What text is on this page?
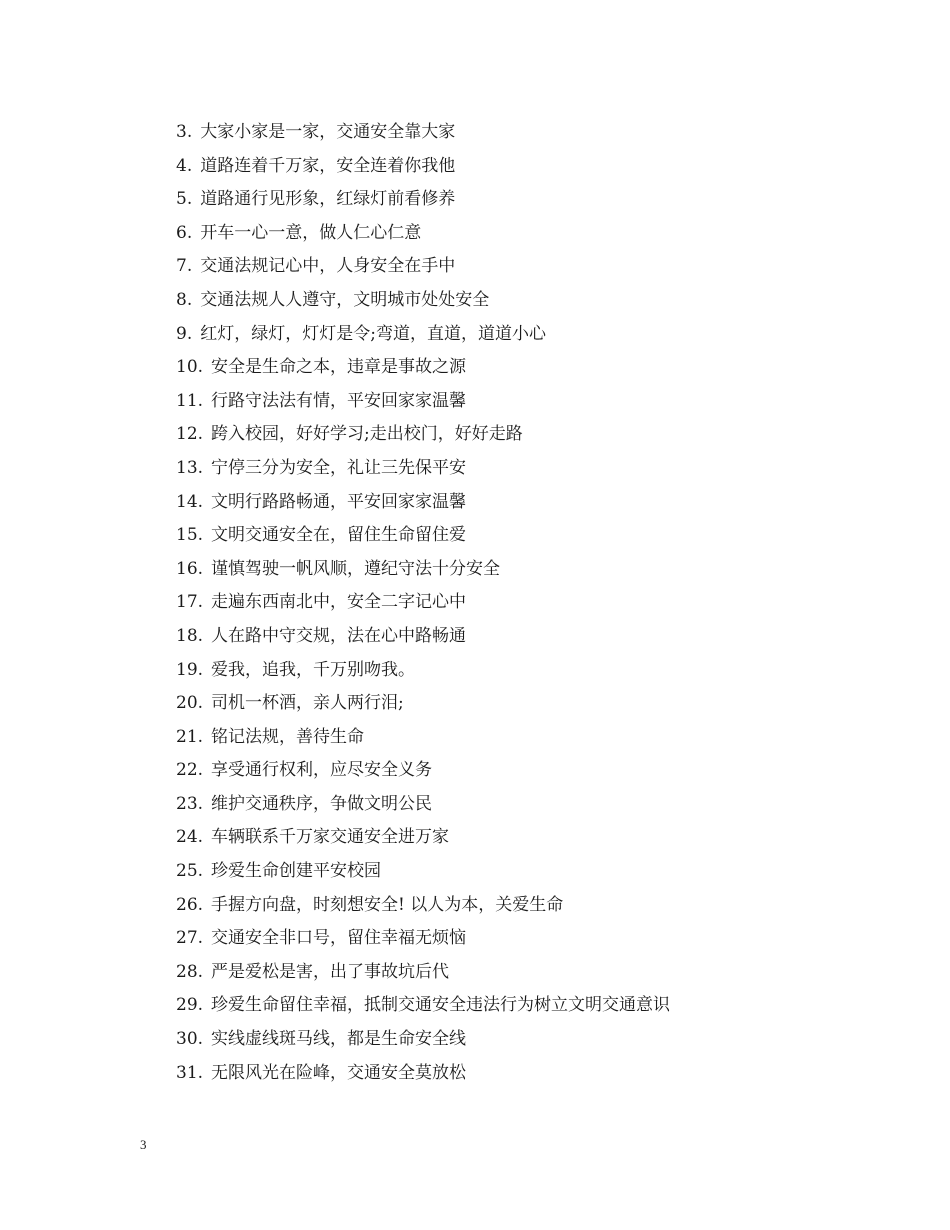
3. 大家小家是一家，交通安全靠大家
4. 道路连着千万家，安全连着你我他
5. 道路通行见形象，红绿灯前看修养
6. 开车一心一意，做人仁心仁意
7. 交通法规记心中，人身安全在手中
8. 交通法规人人遵守，文明城市处处安全
9. 红灯，绿灯，灯灯是令;弯道，直道，道道小心
10. 安全是生命之本，违章是事故之源
11. 行路守法法有情，平安回家家温馨
12. 跨入校园，好好学习;走出校门，好好走路
13. 宁停三分为安全，礼让三先保平安
14. 文明行路路畅通，平安回家家温馨
15. 文明交通安全在，留住生命留住爱
16. 谨慎驾驶一帆风顺，遵纪守法十分安全
17. 走遍东西南北中，安全二字记心中
18. 人在路中守交规，法在心中路畅通
19. 爱我，追我，千万别吻我。
20. 司机一杯酒，亲人两行泪;
21. 铭记法规，善待生命
22. 享受通行权利，应尽安全义务
23. 维护交通秩序，争做文明公民
24. 车辆联系千万家交通安全进万家
25. 珍爱生命创建平安校园
26. 手握方向盘，时刻想安全! 以人为本，关爱生命
27. 交通安全非口号，留住幸福无烦恼
28. 严是爱松是害，出了事故坑后代
29. 珍爱生命留住幸福，抵制交通安全违法行为树立文明交通意识
30. 实线虚线斑马线，都是生命安全线
31. 无限风光在险峰，交通安全莫放松
3
